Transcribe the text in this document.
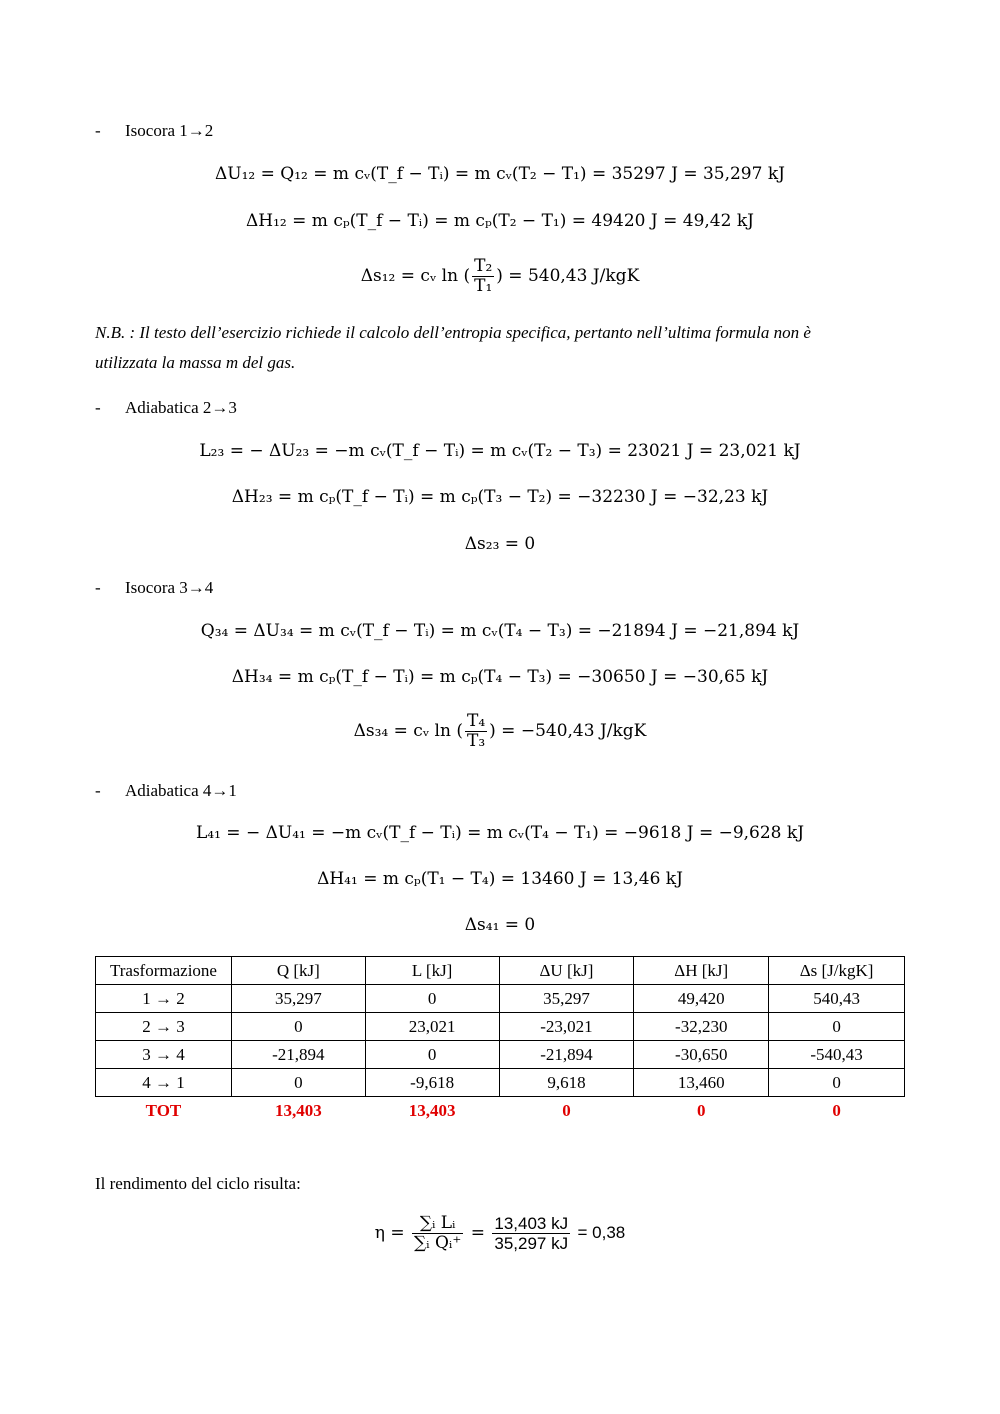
- Isocora 1→2
ΔU₁₂ = Q₁₂ = m cᵥ(T_f − Tᵢ) = m cᵥ(T₂ − T₁) = 35297 J = 35,297 kJ
ΔH₁₂ = m cₚ(T_f − Tᵢ) = m cₚ(T₂ − T₁) = 49420 J = 49,42 kJ
Δs₁₂ = cᵥ ln ( $\frac{\text{T₂}}{\text{T₁}}$ ) = 540,43 J/kgK
N.B. : Il testo dell’esercizio richiede il calcolo dell’entropia specifica, pertanto nell’ultima formula non è
utilizzata la massa m del gas.
- Adiabatica 2→3
L₂₃ = − ΔU₂₃ = −m cᵥ(T_f − Tᵢ) = m cᵥ(T₂ − T₃) = 23021 J = 23,021 kJ
ΔH₂₃ = m cₚ(T_f − Tᵢ) = m cₚ(T₃ − T₂) = −32230 J = −32,23 kJ
Δs₂₃ = 0
- Isocora 3→4
Q₃₄ = ΔU₃₄ = m cᵥ(T_f − Tᵢ) = m cᵥ(T₄ − T₃) = −21894 J = −21,894 kJ
ΔH₃₄ = m cₚ(T_f − Tᵢ) = m cₚ(T₄ − T₃) = −30650 J = −30,65 kJ
Δs₃₄ = cᵥ ln ( $\frac{\text{T₄}}{\text{T₃}}$ ) = −540,43 J/kgK
- Adiabatica 4→1
L₄₁ = − ΔU₄₁ = −m cᵥ(T_f − Tᵢ) = m cᵥ(T₄ − T₁) = −9618 J = −9,628 kJ
ΔH₄₁ = m cₚ(T₁ − T₄) = 13460 J = 13,46 kJ
Δs₄₁ = 0
Trasformazione	Q [kJ]	L [kJ]	ΔU [kJ]	ΔH [kJ]	Δs [J/kgK]
1 → 2	35,297	0	35,297	49,420	540,43
2 → 3	0	23,021	-23,021	-32,230	0
3 → 4	-21,894	0	-21,894	-30,650	-540,43
4 → 1	0	-9,618	9,618	13,460	0
TOT	13,403	13,403	0	0	0
Il rendimento del ciclo risulta:
$\eta = \frac{\text{∑ᵢ Lᵢ}}{\text{∑ᵢ Qᵢ⁺}} = \frac{13,403 kJ}{35,297 kJ} = 0,38$
